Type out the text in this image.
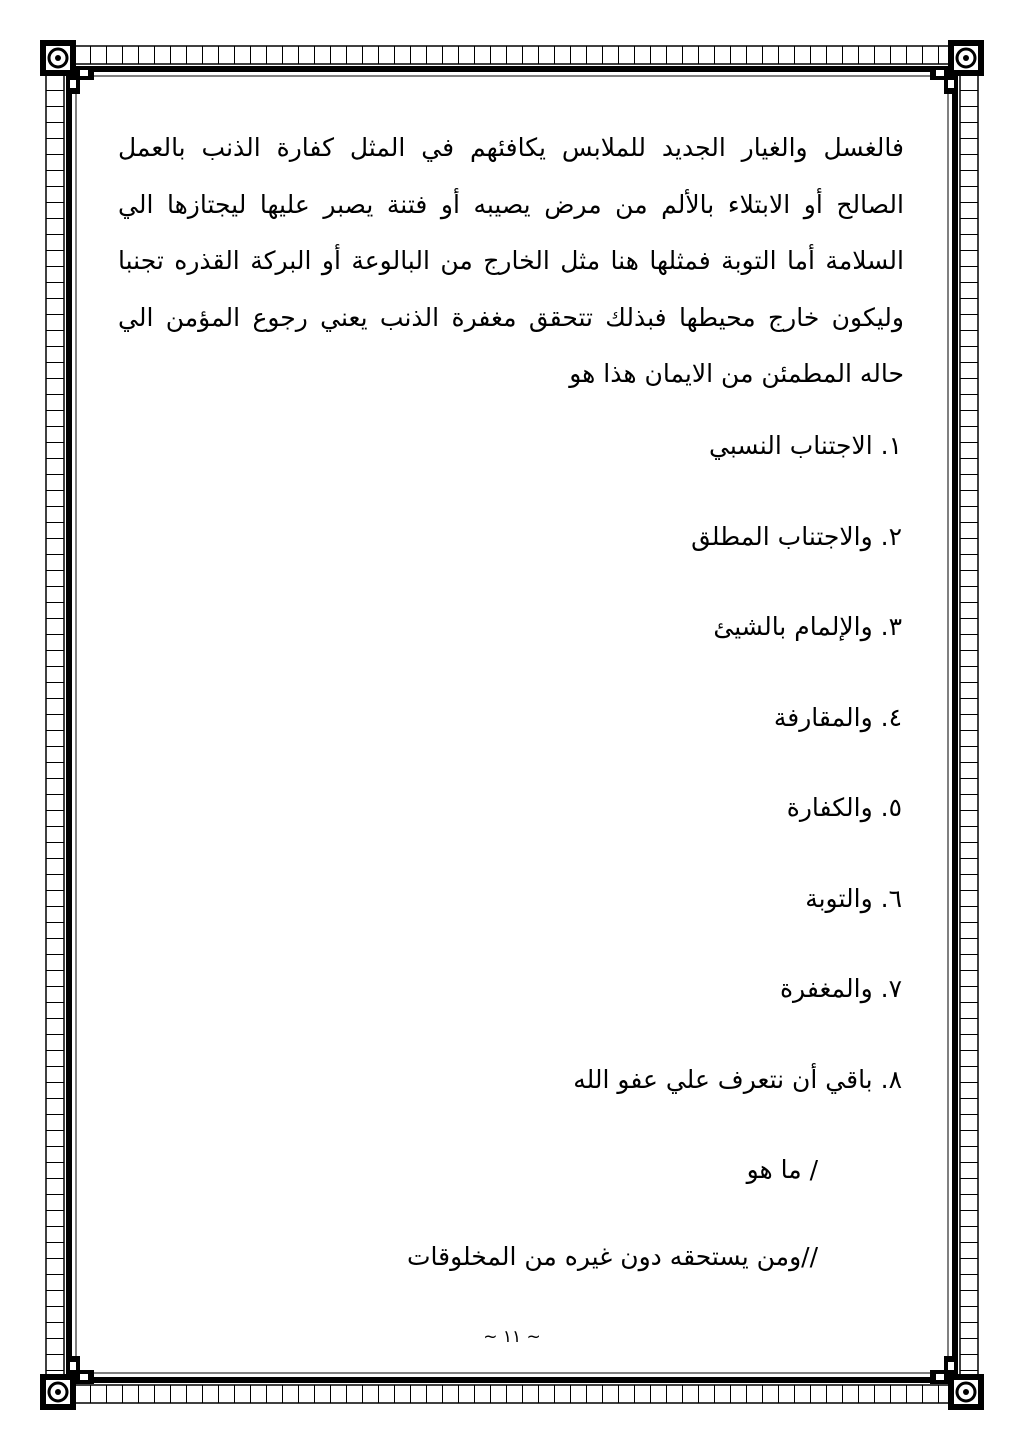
فالغسل والغيار الجديد للملابس يكافئهم في المثل كفارة الذنب بالعمل الصالح أو الابتلاء بالألم من مرض يصيبه أو فتنة يصبر عليها ليجتازها الي السلامة أما التوبة فمثلها هنا مثل الخارج من البالوعة أو البركة القذره تجنبا وليكون خارج محيطها فبذلك تتحقق مغفرة الذنب يعني رجوع المؤمن الي حاله المطمئن من الايمان هذا هو

١. الاجتناب النسبي
٢. والاجتناب المطلق
٣. والإلمام بالشيئ
٤. والمقارفة
٥. والكفارة
٦. والتوبة
٧. والمغفرة
٨. باقي أن نتعرف علي عفو الله
/ ما هو
//ومن يستحقه دون غيره من المخلوقات
~ ١١ ~
